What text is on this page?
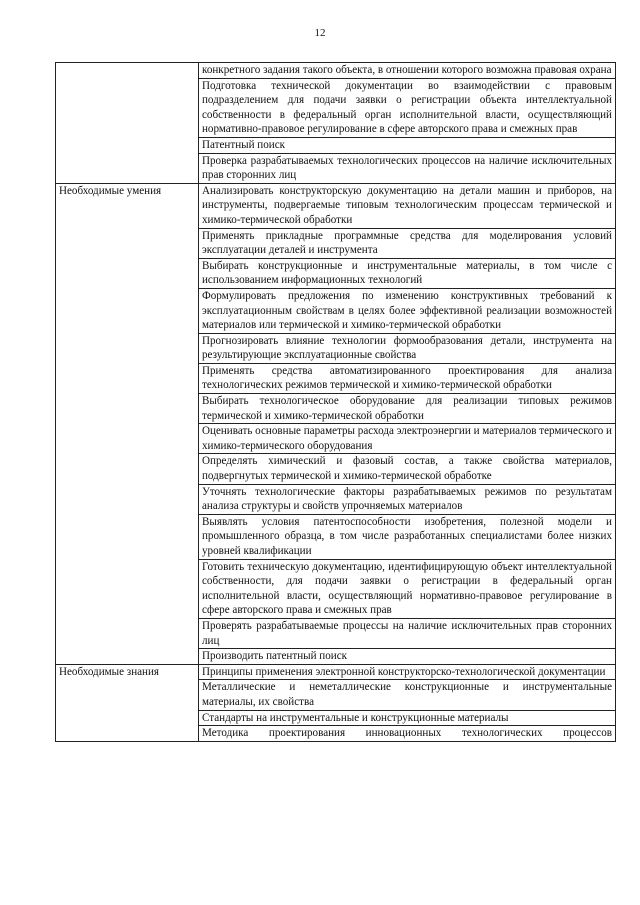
12
	конкретного задания такого объекта, в отношении которого возможна правовая охрана
	Подготовка технической документации во взаимодействии с правовым подразделением для подачи заявки о регистрации объекта интеллектуальной собственности в федеральный орган исполнительной власти, осуществляющий нормативно-правовое регулирование в сфере авторского права и смежных прав
	Патентный поиск
	Проверка разрабатываемых технологических процессов на наличие исключительных прав сторонних лиц
Необходимые умения	Анализировать конструкторскую документацию на детали машин и приборов, на инструменты, подвергаемые типовым технологическим процессам термической и химико-термической обработки
	Применять прикладные программные средства для моделирования условий эксплуатации деталей и инструмента
	Выбирать конструкционные и инструментальные материалы, в том числе с использованием информационных технологий
	Формулировать предложения по изменению конструктивных требований к эксплуатационным свойствам в целях более эффективной реализации возможностей материалов или термической и химико-термической обработки
	Прогнозировать влияние технологии формообразования детали, инструмента на результирующие эксплуатационные свойства
	Применять средства автоматизированного проектирования для анализа технологических режимов термической и химико-термической обработки
	Выбирать технологическое оборудование для реализации типовых режимов термической и химико-термической обработки
	Оценивать основные параметры расхода электроэнергии и материалов термического и химико-термического оборудования
	Определять химический и фазовый состав, а также свойства материалов, подвергнутых термической и химико-термической обработке
	Уточнять технологические факторы разрабатываемых режимов по результатам анализа структуры и свойств упрочняемых материалов
	Выявлять условия патентоспособности изобретения, полезной модели и промышленного образца, в том числе разработанных специалистами более низких уровней квалификации
	Готовить техническую документацию, идентифицирующую объект интеллектуальной собственности, для подачи заявки о регистрации в федеральный орган исполнительной власти, осуществляющий нормативно-правовое регулирование в сфере авторского права и смежных прав
	Проверять разрабатываемые процессы на наличие исключительных прав сторонних лиц
	Производить патентный поиск
Необходимые знания	Принципы применения электронной конструкторско-технологической документации
	Металлические и неметаллические конструкционные и инструментальные материалы, их свойства
	Стандарты на инструментальные и конструкционные материалы
	Методика проектирования инновационных технологических процессов
